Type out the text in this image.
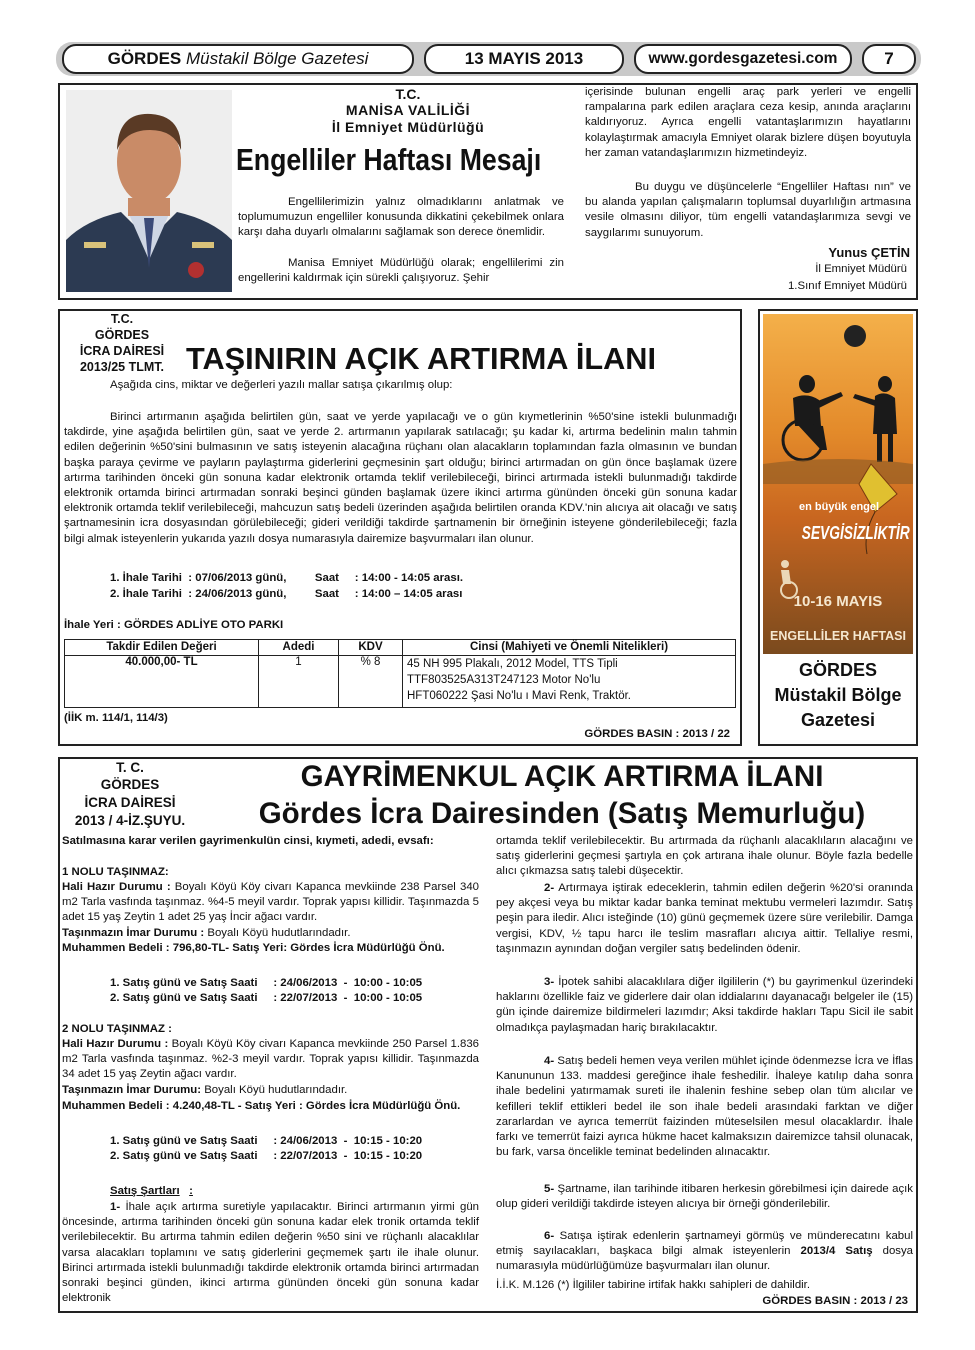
GÖRDES
Müstakil Bölge Gazetesi	13 MAYIS 2013	www.gordesgazetesi.com	7
T.C.
MANİSA VALİLİĞİ
İl Emniyet Müdürlüğü
Engelliler Haftası Mesajı
Engellilerimizin yalnız olmadıklarını anlatmak ve toplumumuzun engelliler konusunda dikkatini çekebilmek onlara karşı daha duyarlı olmalarını sağlamak son derece önemlidir.
Manisa Emniyet Müdürlüğü olarak; engellilerimi zin engellerini kaldırmak için sürekli çalışıyoruz. Şehir
içerisinde bulunan engelli araç park yerleri ve engelli rampalarına park edilen araçlara ceza kesip, anında araçlarını kaldırıyoruz. Ayrıca engelli vatantaşlarımızın hayatlarını kolaylaştırmak amacıyla Emniyet olarak bizlere düşen boyutuyla her zaman vatandaşlarımızın hizmetindeyiz.
Bu duygu ve düşüncelerle “Engelliler Haftası nın” ve bu alanda yapılan çalışmaların toplumsal duyarlılığın artmasına vesile olmasını diliyor, tüm engelli vatandaşlarımıza sevgi ve saygılarımı sunuyorum.
Yunus ÇETİN
İl Emniyet Müdürü
1.Sınıf Emniyet Müdürü
T.C.
GÖRDES
İCRA DAİRESİ
2013/25 TLMT. TAŞINIRIN AÇIK ARTIRMA İLANI
Aşağıda cins, miktar ve değerleri yazılı mallar satışa çıkarılmış olup:
Birinci artırmanın aşağıda belirtilen gün, saat ve yerde yapılacağı ve o gün kıymetlerinin %50'sine istekli bulunmadığı takdirde, yine aşağıda belirtilen gün, saat ve yerde 2. artırmanın yapılarak satılacağı; şu kadar ki, artırma bedelinin malın tahmin edilen değerinin %50'sini bulmasının ve satış isteyenin alacağına rüçhanı olan alacakların toplamından fazla olmasının ve bundan başka paraya çevirme ve payların paylaştırma giderlerini geçmesinin şart olduğu; birinci artırmadan on gün önce başlamak üzere artırma tarihinden önceki gün sonuna kadar elektronik ortamda teklif verilebileceği, birinci artırmada istekli bulunmadığı takdirde elektronik ortamda birinci artırmadan sonraki beşinci günden başlamak üzere ikinci artırma gününden önceki gün sonuna kadar elektronik ortamda teklif verilebileceği, mahcuzun satış bedeli üzerinden aşağıda belirtilen oranda KDV.'nin alıcıya ait olacağı ve satış şartnamesinin icra dosyasından görülebileceği; gideri verildiği takdirde şartnamenin bir örneğinin isteyene gönderilebileceği; fazla bilgi almak isteyenlerin yukarıda yazılı dosya numarasıyla dairemize başvurmaları ilan olunur.
1. İhale Tarihi  : 07/06/2013 günü,         Saat     : 14:00 - 14:05 arası.
2. İhale Tarihi  : 24/06/2013 günü,         Saat     : 14:00 – 14:05 arası
İhale Yeri : GÖRDES ADLİYE OTO PARKI
Takdir Edilen Değeri	Adedi	KDV	Cinsi (Mahiyeti ve Önemli Nitelikleri)
40.000,00- TL	1	% 8	45 NH 995 Plakalı, 2012 Model, TTS Tipli
TTF803525A313T247123 Motor No'lu
HFT060222 Şasi No'lu ı Mavi Renk, Traktör.
(İİK m. 114/1, 114/3)
GÖRDES BASIN : 2013 / 22
en büyük engel
SEVGİSİZLİKTİR
10-16 MAYIS
ENGELLİLER HAFTASI
GÖRDES
Müstakil Bölge
Gazetesi
T. C.
GÖRDES
İCRA DAİRESİ
2013 / 4-İZ.ŞUYU.
GAYRİMENKUL AÇIK ARTIRMA İLANI
Gördes İcra Dairesinden (Satış Memurluğu)
Satılmasına karar verilen gayrimenkulün cinsi, kıymeti, adedi, evsafı:
1 NOLU TAŞINMAZ:
Hali Hazır Durumu : Boyalı Köyü Köy civarı Kapanca mevkiinde 238 Parsel 340 m2 Tarla vasfında taşınmaz. %4-5 meyil vardır. Toprak yapısı killidir. Taşınmazda 5 adet 15 yaş Zeytin 1 adet 25 yaş İncir ağacı vardır.
Taşınmazın İmar Durumu : Boyalı Köyü hudutlarındadır.
Muhammen Bedeli : 796,80-TL- Satış Yeri: Gördes İcra Müdürlüğü Önü.
1. Satış günü ve Satış Saati     : 24/06/2013  -  10:00 - 10:05
2. Satış günü ve Satış Saati     : 22/07/2013  -  10:00 - 10:05
2 NOLU TAŞINMAZ :
Hali Hazır Durumu : Boyalı Köyü Köy civarı Kapanca mevkiinde 250 Parsel 1.836 m2 Tarla vasfında taşınmaz. %2-3 meyil vardır. Toprak yapısı killidir. Taşınmazda 34 adet 15 yaş Zeytin ağacı vardır.
Taşınmazın İmar Durumu: Boyalı Köyü hudutlarındadır.
Muhammen Bedeli : 4.240,48-TL - Satış Yeri : Gördes İcra Müdürlüğü Önü.
1. Satış günü ve Satış Saati     : 24/06/2013  -  10:15 - 10:20
2. Satış günü ve Satış Saati     : 22/07/2013  -  10:15 - 10:20
Satış Şartları :
1- İhale açık artırma suretiyle yapılacaktır. Birinci artırmanın yirmi gün öncesinde, artırma tarihinden önceki gün sonuna kadar elek tronik ortamda teklif verilebilecektir. Bu artırma tahmin edilen değerin %50 sini ve rüçhanlı alacaklılar varsa alacakları toplamını ve satış giderlerini geçmemek şartı ile ihale olunur. Birinci artırmada istekli bulunmadığı takdirde elektronik ortamda birinci artırmadan sonraki beşinci günden, ikinci artırma gününden önceki gün sonuna kadar elektronik
ortamda teklif verilebilecektir. Bu artırmada da rüçhanlı alacaklıların alacağını ve satış giderlerini geçmesi şartıyla en çok artırana ihale olunur. Böyle fazla bedelle alıcı çıkmazsa satış talebi düşecektir.
2- Artırmaya iştirak edeceklerin, tahmin edilen değerin %20'si oranında pey akçesi veya bu miktar kadar banka teminat mektubu vermeleri lazımdır. Satış peşin para iledir. Alıcı isteğinde (10) günü geçmemek üzere süre verilebilir. Damga vergisi, KDV, ½ tapu harcı ile teslim masrafları alıcıya aittir. Tellaliye resmi, taşınmazın aynından doğan vergiler satış bedelinden ödenir.
3- İpotek sahibi alacaklılara diğer ilgililerin (*) bu gayrimenkul üzerindeki haklarını özellikle faiz ve giderlere dair olan iddialarını dayanacağı belgeler ile (15) gün içinde dairemize bildirmeleri lazımdır; Aksi takdirde hakları Tapu Sicil ile sabit olmadıkça paylaşmadan hariç bırakılacaktır.
4- Satış bedeli hemen veya verilen mühlet içinde ödenmezse İcra ve İflas Kanununun 133. maddesi gereğince ihale feshedilir. İhaleye katılıp daha sonra ihale bedelini yatırmamak sureti ile ihalenin feshine sebep olan tüm alıcılar ve kefilleri teklif ettikleri bedel ile son ihale bedeli arasındaki farktan ve diğer zararlardan ve ayrıca temerrüt faizinden müteselsilen mesul olacaklardır. İhale farkı ve temerrüt faizi ayrıca hükme hacet kalmaksızın dairemizce tahsil olunacak, bu fark, varsa öncelikle teminat bedelinden alınacaktır.
5- Şartname, ilan tarihinde itibaren herkesin görebilmesi için dairede açık olup gideri verildiği takdirde isteyen alıcıya bir örneği gönderilebilir.
6- Satışa iştirak edenlerin şartnameyi görmüş ve münderecatını kabul etmiş sayılacakları, başkaca bilgi almak isteyenlerin 2013/4 Satış dosya numarasıyla müdürlüğümüze başvurmaları ilan olunur.
İ.İ.K. M.126 (*) İlgililer tabirine irtifak hakkı sahipleri de dahildir.
GÖRDES BASIN : 2013 / 23
